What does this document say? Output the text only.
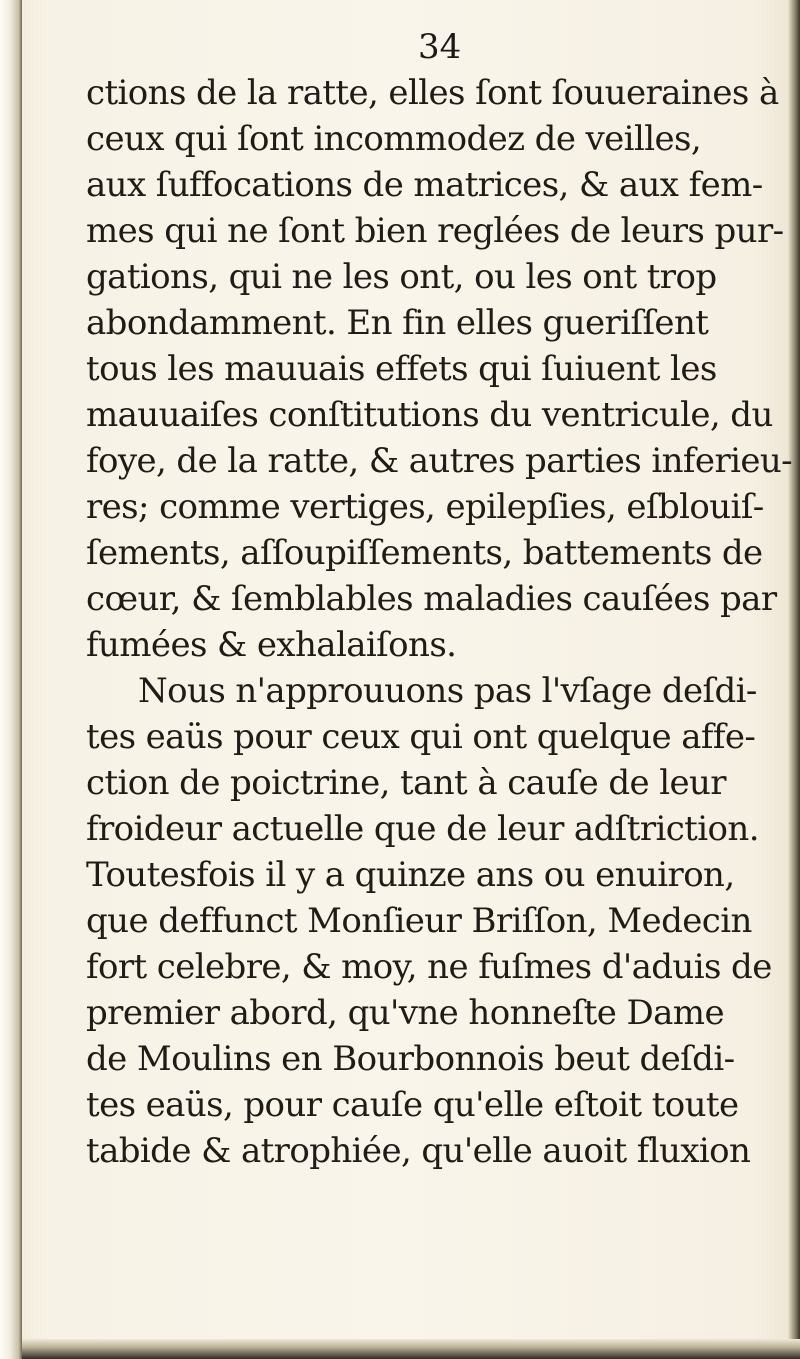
34
ctions de la ratte, elles ſont ſouueraines à
ceux qui ſont incommodez de veilles,
aux ſuffocations de matrices, & aux fem-
mes qui ne ſont bien reglées de leurs pur-
gations, qui ne les ont, ou les ont trop
abondamment. En fin elles gueriſſent
tous les mauuais effets qui ſuiuent les
mauuaiſes conſtitutions du ventricule, du
foye, de la ratte, & autres parties inferieu-
res; comme vertiges, epilepſies, eſblouiſ-
ſements, aſſoupiſſements, battements de
cœur, & ſemblables maladies cauſées par
fumées & exhalaiſons.
Nous n'approuuons pas l'vſage deſdi-
tes eaüs pour ceux qui ont quelque affe-
ction de poictrine, tant à cauſe de leur
froideur actuelle que de leur adſtriction.
Toutesfois il y a quinze ans ou enuiron,
que deffunct Monſieur Briſſon, Medecin
fort celebre, & moy, ne fuſmes d'aduis de
premier abord, qu'vne honneſte Dame
de Moulins en Bourbonnois beut deſdi-
tes eaüs, pour cauſe qu'elle eſtoit toute
tabide & atrophiée, qu'elle auoit fluxion
